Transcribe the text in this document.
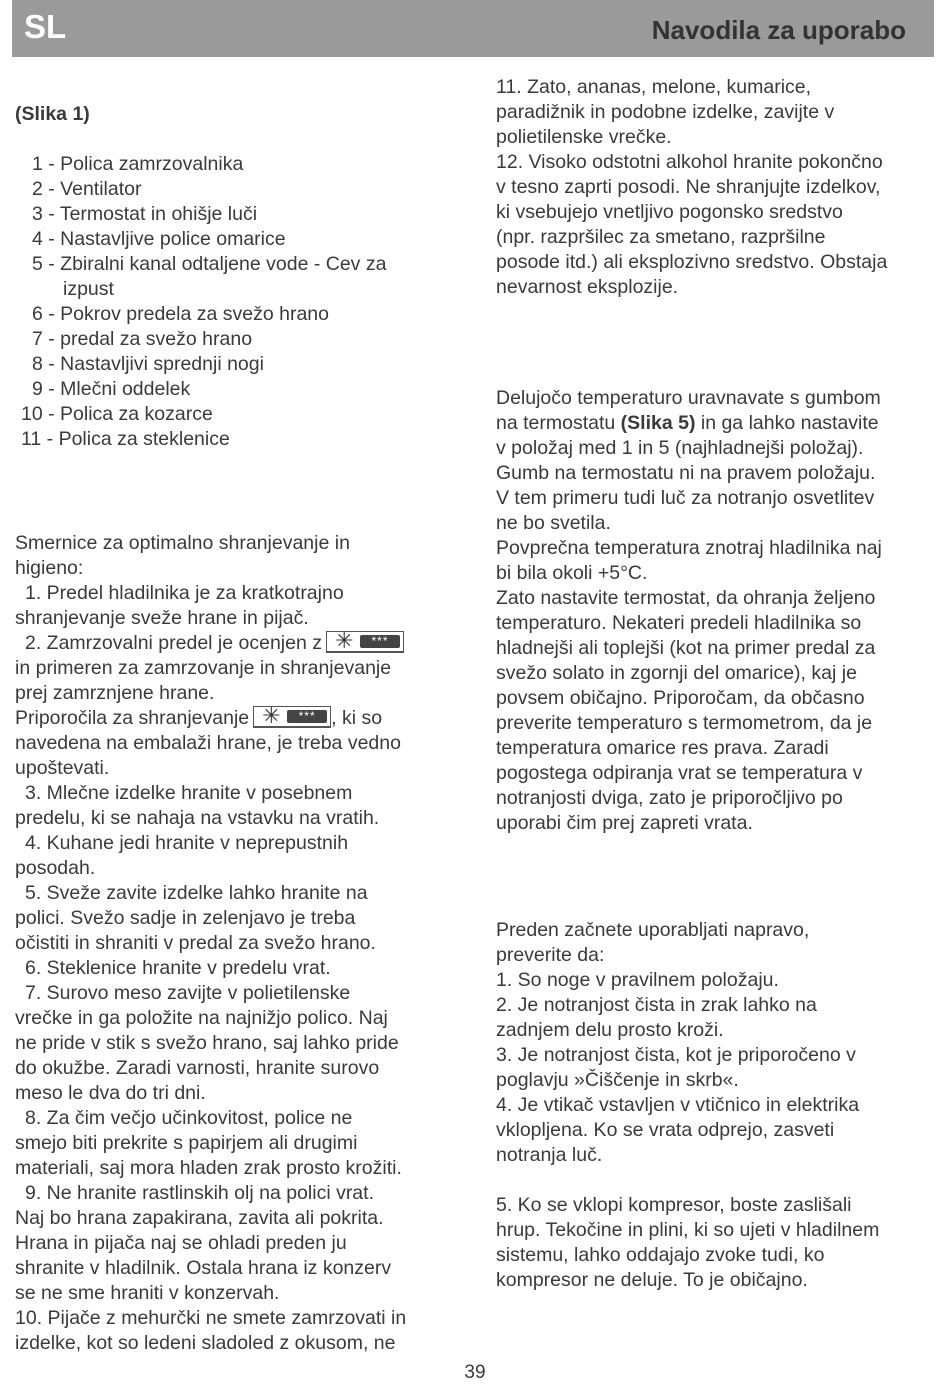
SL	Navodila za uporabo
(Slika 1)
1 - Polica zamrzovalnika
2 - Ventilator
3 - Termostat in ohišje luči
4 - Nastavljive police omarice
5 - Zbiralni kanal odtaljene vode - Cev za
izpust
6 - Pokrov predela za svežo hrano
7 - predal za svežo hrano
8 - Nastavljivi sprednji nogi
9 - Mlečni oddelek
10 - Polica za kozarce
11 - Polica za steklenice
Smernice za optimalno shranjevanje in
higieno:
1. Predel hladilnika je za kratkotrajno
shranjevanje sveže hrane in pijač.
2. Zamrzovalni predel je ocenjen z ✳	***
in primeren za zamrzovanje in shranjevanje
prej zamrznjene hrane.
Priporočila za shranjevanje ✳	*** , ki so
navedena na embalaži hrane, je treba vedno
upoštevati.
3. Mlečne izdelke hranite v posebnem
predelu, ki se nahaja na vstavku na vratih.
4. Kuhane jedi hranite v neprepustnih
posodah.
5. Sveže zavite izdelke lahko hranite na
polici. Svežo sadje in zelenjavo je treba
očistiti in shraniti v predal za svežo hrano.
6. Steklenice hranite v predelu vrat.
7. Surovo meso zavijte v polietilenske
vrečke in ga položite na najnižjo polico. Naj
ne pride v stik s svežo hrano, saj lahko pride
do okužbe. Zaradi varnosti, hranite surovo
meso le dva do tri dni.
8. Za čim večjo učinkovitost, police ne
smejo biti prekrite s papirjem ali drugimi
materiali, saj mora hladen zrak prosto krožiti.
9. Ne hranite rastlinskih olj na polici vrat.
Naj bo hrana zapakirana, zavita ali pokrita.
Hrana in pijača naj se ohladi preden ju
shranite v hladilnik. Ostala hrana iz konzerv
se ne sme hraniti v konzervah.
10. Pijače z mehurčki ne smete zamrzovati in
izdelke, kot so ledeni sladoled z okusom, ne
11. Zato, ananas, melone, kumarice,
paradižnik in podobne izdelke, zavijte v
polietilenske vrečke.
12. Visoko odstotni alkohol hranite pokončno
v tesno zaprti posodi. Ne shranjujte izdelkov,
ki vsebujejo vnetljivo pogonsko sredstvo
(npr. razpršilec za smetano, razpršilne
posode itd.) ali eksplozivno sredstvo. Obstaja
nevarnost eksplozije.
Delujočo temperaturo uravnavate s gumbom
na termostatu (Slika 5) in ga lahko nastavite
v položaj med 1 in 5 (najhladnejši položaj).
Gumb na termostatu ni na pravem položaju.
V tem primeru tudi luč za notranjo osvetlitev
ne bo svetila.
Povprečna temperatura znotraj hladilnika naj
bi bila okoli +5°C.
Zato nastavite termostat, da ohranja željeno
temperaturo. Nekateri predeli hladilnika so
hladnejši ali toplejši (kot na primer predal za
svežo solato in zgornji del omarice), kaj je
povsem običajno. Priporočam, da občasno
preverite temperaturo s termometrom, da je
temperatura omarice res prava. Zaradi
pogostega odpiranja vrat se temperatura v
notranjosti dviga, zato je priporočljivo po
uporabi čim prej zapreti vrata.
Preden začnete uporabljati napravo,
preverite da:
1. So noge v pravilnem položaju.
2. Je notranjost čista in zrak lahko na
zadnjem delu prosto kroži.
3. Je notranjost čista, kot je priporočeno v
poglavju »Čiščenje in skrb«.
4. Je vtikač vstavljen v vtičnico in elektrika
vklopljena. Ko se vrata odprejo, zasveti
notranja luč.
5. Ko se vklopi kompresor, boste zaslišali
hrup. Tekočine in plini, ki so ujeti v hladilnem
sistemu, lahko oddajajo zvoke tudi, ko
kompresor ne deluje. To je običajno.
39
